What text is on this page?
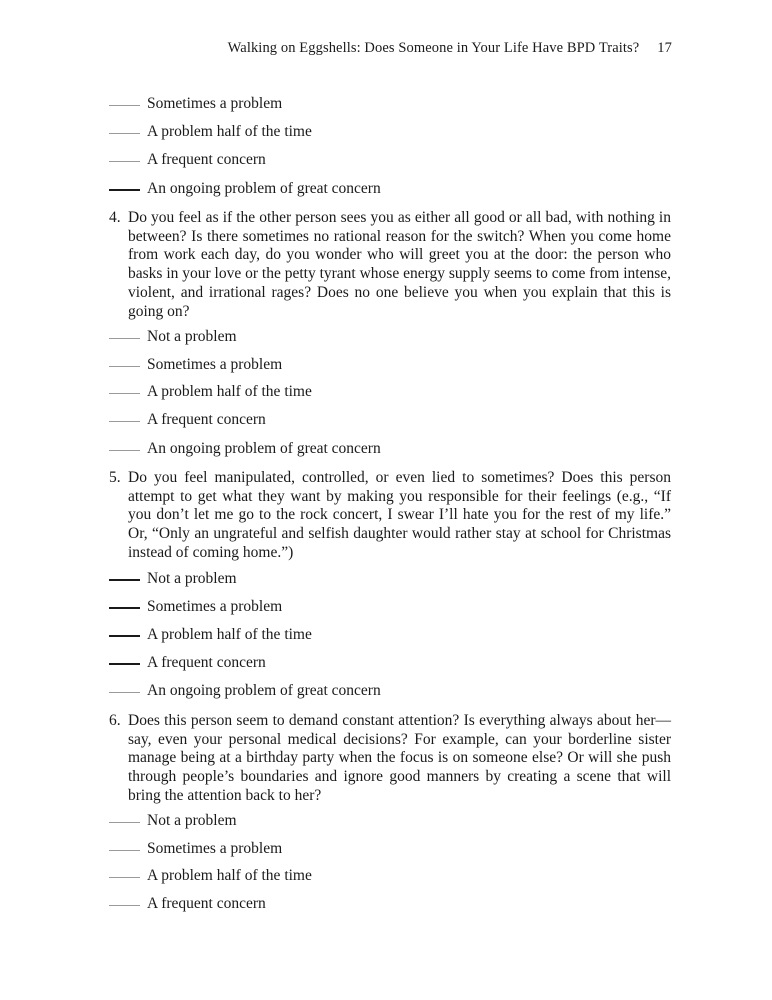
Walking on Eggshells: Does Someone in Your Life Have BPD Traits? 17
Sometimes a problem
A problem half of the time
A frequent concern
An ongoing problem of great concern
4. Do you feel as if the other person sees you as either all good or all bad, with nothing in between? Is there sometimes no rational reason for the switch? When you come home from work each day, do you wonder who will greet you at the door: the person who basks in your love or the petty tyrant whose energy supply seems to come from intense, violent, and irrational rages? Does no one believe you when you explain that this is going on?
Not a problem
Sometimes a problem
A problem half of the time
A frequent concern
An ongoing problem of great concern
5. Do you feel manipulated, controlled, or even lied to sometimes? Does this person attempt to get what they want by making you responsible for their feelings (e.g., “If you don’t let me go to the rock concert, I swear I’ll hate you for the rest of my life.” Or, “Only an ungrateful and selfish daughter would rather stay at school for Christmas instead of coming home.”)
Not a problem
Sometimes a problem
A problem half of the time
A frequent concern
An ongoing problem of great concern
6. Does this person seem to demand constant attention? Is everything always about her—say, even your personal medical decisions? For example, can your borderline sister manage being at a birthday party when the focus is on someone else? Or will she push through people’s boundaries and ignore good manners by creating a scene that will bring the attention back to her?
Not a problem
Sometimes a problem
A problem half of the time
A frequent concern
